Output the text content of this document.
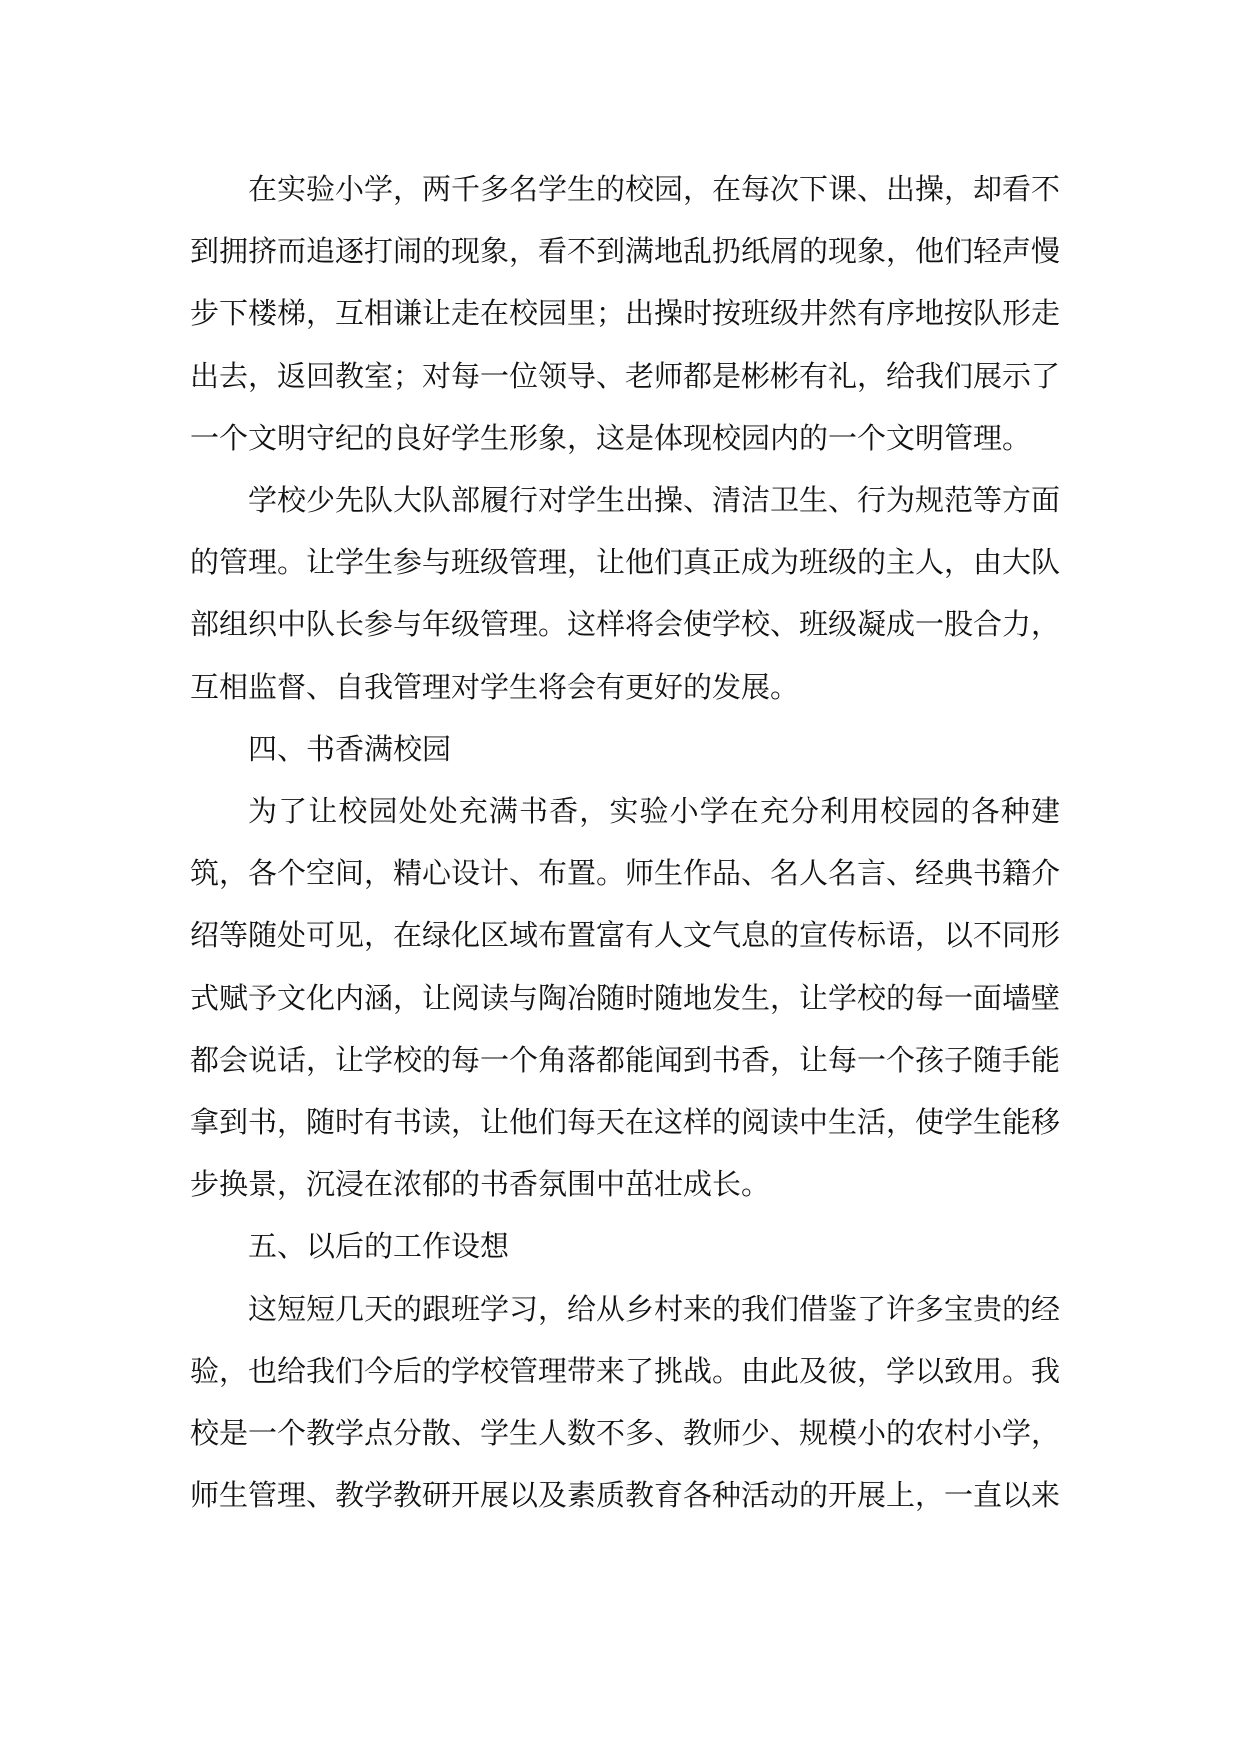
在实验小学，两千多名学生的校园，在每次下课、出操，却看不到拥挤而追逐打闹的现象，看不到满地乱扔纸屑的现象，他们轻声慢步下楼梯，互相谦让走在校园里；出操时按班级井然有序地按队形走出去，返回教室；对每一位领导、老师都是彬彬有礼，给我们展示了一个文明守纪的良好学生形象，这是体现校园内的一个文明管理。

学校少先队大队部履行对学生出操、清洁卫生、行为规范等方面的管理。让学生参与班级管理，让他们真正成为班级的主人，由大队部组织中队长参与年级管理。这样将会使学校、班级凝成一股合力，互相监督、自我管理对学生将会有更好的发展。

四、书香满校园

为了让校园处处充满书香，实验小学在充分利用校园的各种建筑，各个空间，精心设计、布置。师生作品、名人名言、经典书籍介绍等随处可见，在绿化区域布置富有人文气息的宣传标语，以不同形式赋予文化内涵，让阅读与陶冶随时随地发生，让学校的每一面墙壁都会说话，让学校的每一个角落都能闻到书香，让每一个孩子随手能拿到书，随时有书读，让他们每天在这样的阅读中生活，使学生能移步换景，沉浸在浓郁的书香氛围中茁壮成长。

五、以后的工作设想

这短短几天的跟班学习，给从乡村来的我们借鉴了许多宝贵的经验，也给我们今后的学校管理带来了挑战。由此及彼，学以致用。我校是一个教学点分散、学生人数不多、教师少、规模小的农村小学，师生管理、教学教研开展以及素质教育各种活动的开展上，一直以来
